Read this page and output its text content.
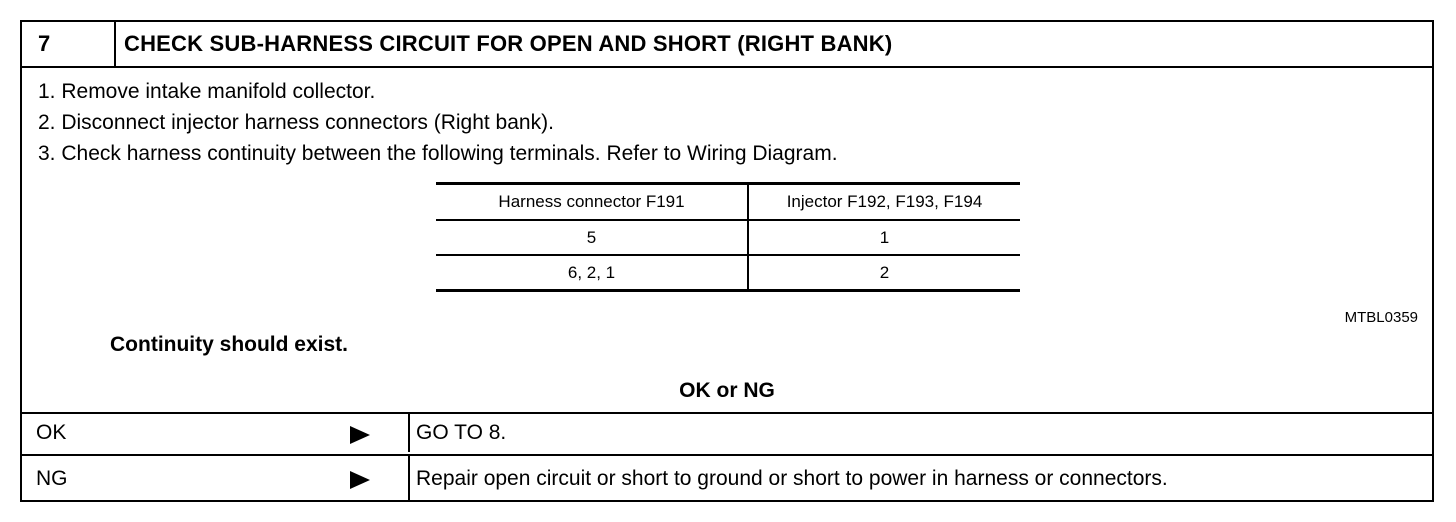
7	CHECK SUB-HARNESS CIRCUIT FOR OPEN AND SHORT (RIGHT BANK)
1. Remove intake manifold collector.
2. Disconnect injector harness connectors (Right bank).
3. Check harness continuity between the following terminals. Refer to Wiring Diagram.
Harness connector F191	Injector F192, F193, F194
5	1
6, 2, 1	2
MTBL0359
Continuity should exist.
OK or NG
OK	GO TO 8.
NG	Repair open circuit or short to ground or short to power in harness or connectors.
